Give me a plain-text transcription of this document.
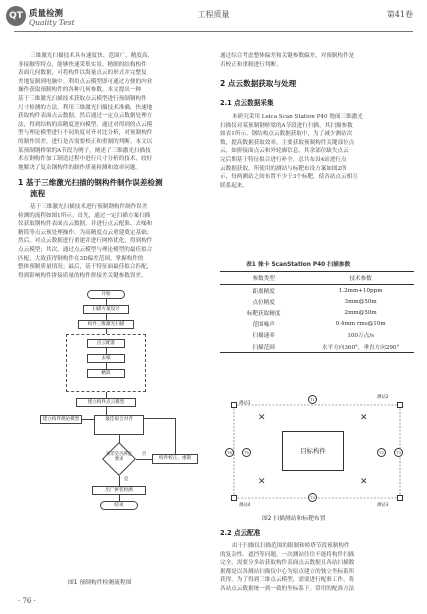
QT 质量检测
Quality Test
工程质量	第41卷
三维激光扫描技术具有速度快、范围广、精度高、
非接触等特点，能够快速采集实景、精细的结构构件
表面几何数据，可将构件以海量点云的形式并完整复
差地复制到电脑中。利用点云模型即可通过方便的内业
操作获取预制构件的各种几何参数。本文提出一种
基于三维激光扫描技术获取点云模型进行预制钢构件
尺寸检测的方法，利用三维激光扫描技术准确、快速地
获取构件表面点云数据，然后通过一定点云数据处理方
法，得到结构的高精度逆向模型，通过对得到的点云模
型与理论模型进行不同角度对齐对比分析，对预制构件
的制作误差，进行是否需要校正和重制的判断。本文以
某预制钢桥梁的A节段为例子，阐述了三维激光扫描技
术在钢构件加工制造过程中进行尺寸分析的技术，较好
地解决了复杂钢构件的制作质量检测和效率问题。
1 基于三维激光扫描的钢构件制作误差检测
流程
基于三维激光扫描技术进行预制钢构件制作误差
检测的流程如图1所示。首先，通过一定扫描方案扫描
仪获取钢构件表面点云数据，并进行点云配准、去噪和
精简等点云预处理操作，为高精度点云重建奠定基础；
然后，对点云数据进行重建并进行网格优化，得到构件
点云模型；其次，通过点云模型与理论模型的最佳拟合
匹配，大致获得钢构件在3D偏差范围，掌握构件的
整体预制质量情况；最后，基于特征面最佳拟合匹配，
得到影响构件拼接质量的构件拼接差关键参数误差。
开始
扫描方案设计
构件三维激光扫描
点云配准
去噪
精简
建立构件点云模型
建立构件理论模型	最佳拟合对齐
误差是否满足要求
否
构件校正、重制
是
出厂拼装检测
结束
图1 预制构件检测流程图
通过综合考虑整体偏差和关键参数偏差，对预制构件是
否校正和重制进行判断。
2 点云数据获取与处理
2.1 点云数据采集
本研究采用 Leica Scan Station P40 地面三维激光
扫描仪对某预制钢桥梁的A节段进行扫描，其扫描参数
如表1所示。钢结构点云数据获取中，为了减少测站次
数，提高数据获取效率，主要获取预制构件关键部位点
云，如拼接面点云和外轮廓信息，其余部位缺失点云
完后期基于特征拟合进行补全。总共布设4站进行点
云数据获取，所使用的测站与标靶布设方案如图2所
示，每两测站之间布置不少于3个标靶，使各站点云相互
联系起来。
表1 徕卡 ScanStation P40 扫描参数
参数类型	技术参数
距离精度	1.2mm+10ppm
点位精度	3mm@50m
标靶获取精度	2mm@50m
范围噪声	0.4mm rms@10m
扫描速率	100万点/s
扫描范围	水平方向360°，垂直方向290°
目标构件
测站1
测站2
测站3
测站4
✕	✕
✕	✕
T1
T2	T3
T4
T5
T6
图2 扫描测站和标靶布置
2.2 点云配准
由于扫描仪扫描范围的限制和桥塔节段预制构件
的复杂性、遮挡等问题，一次测站往往不能将构件扫描
完全，需要分多站获取构件表面点云数据且各站扫描数
据都是以各测站扫描仪中心为原点建立的独立坐标系所
获得。为了得到三维点云模型，需要进行配准工作，将
各站点云数据统一到一致的坐标系下。常用的配准方法
· 76 ·
